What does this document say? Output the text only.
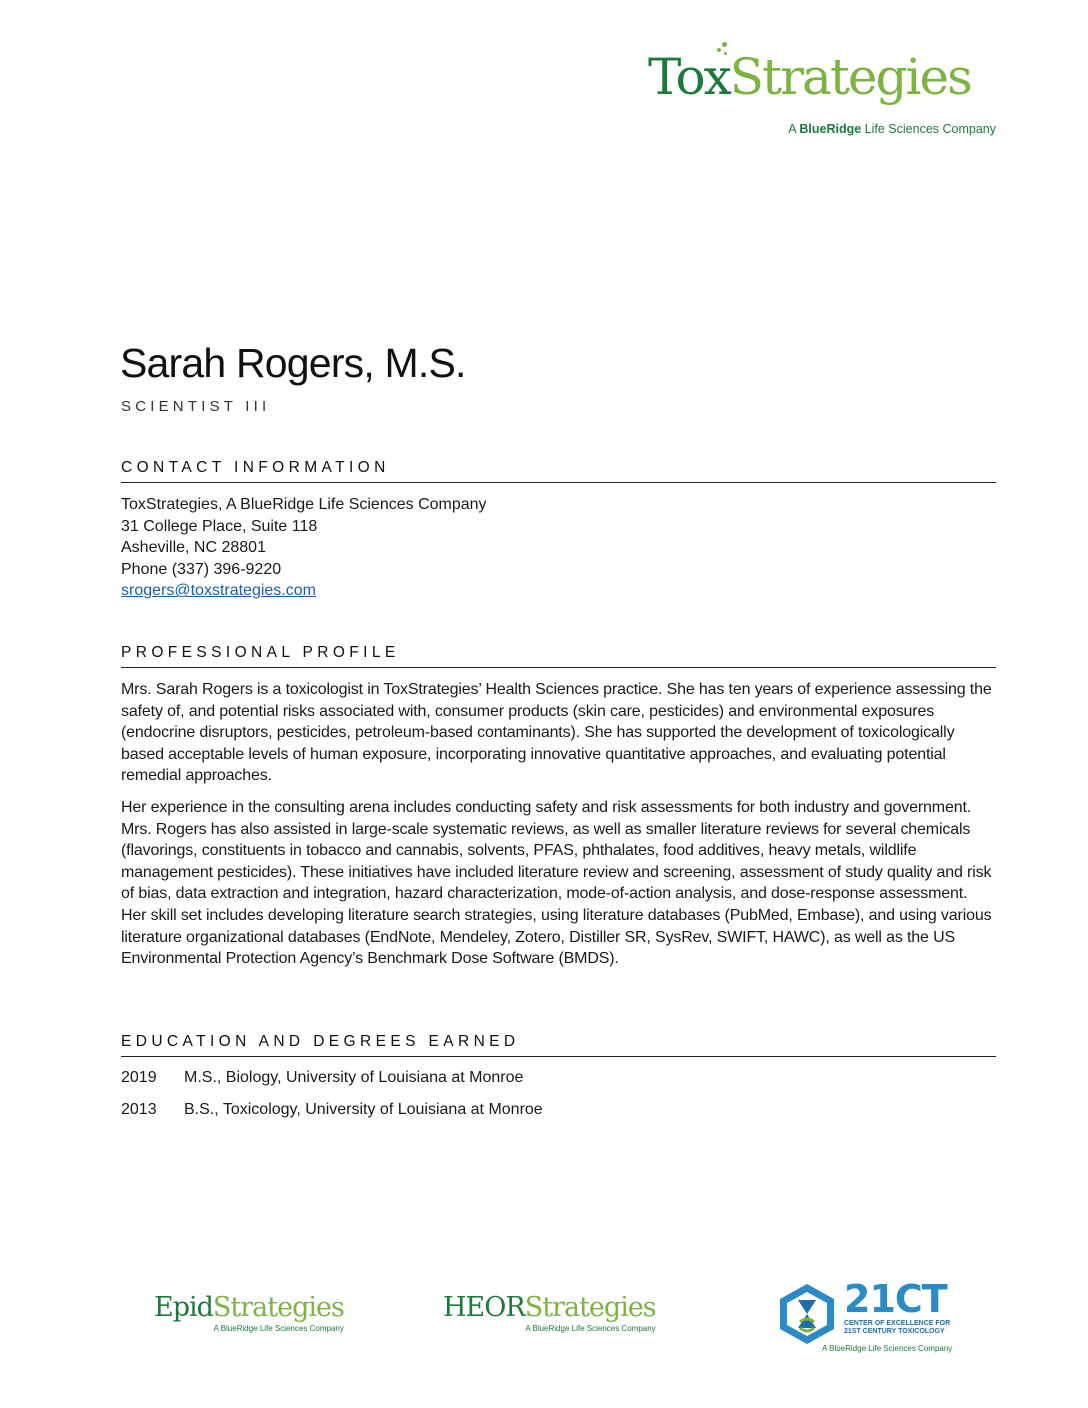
ToxStrategies
A BlueRidge Life Sciences Company
Sarah Rogers, M.S.
SCIENTIST III
CONTACT INFORMATION
ToxStrategies, A BlueRidge Life Sciences Company
31 College Place, Suite 118
Asheville, NC 28801
Phone (337) 396-9220
srogers@toxstrategies.com
PROFESSIONAL PROFILE
Mrs. Sarah Rogers is a toxicologist in ToxStrategies’ Health Sciences practice. She has ten years of experience assessing the safety of, and potential risks associated with, consumer products (skin care, pesticides) and environmental exposures (endocrine disruptors, pesticides, petroleum-based contaminants). She has supported the development of toxicologically based acceptable levels of human exposure, incorporating innovative quantitative approaches, and evaluating potential remedial approaches.
Her experience in the consulting arena includes conducting safety and risk assessments for both industry and government. Mrs. Rogers has also assisted in large-scale systematic reviews, as well as smaller literature reviews for several chemicals (flavorings, constituents in tobacco and cannabis, solvents, PFAS, phthalates, food additives, heavy metals, wildlife management pesticides). These initiatives have included literature review and screening, assessment of study quality and risk of bias, data extraction and integration, hazard characterization, mode-of-action analysis, and dose-response assessment. Her skill set includes developing literature search strategies, using literature databases (PubMed, Embase), and using various literature organizational databases (EndNote, Mendeley, Zotero, Distiller SR, SysRev, SWIFT, HAWC), as well as the US Environmental Protection Agency’s Benchmark Dose Software (BMDS).
EDUCATION AND DEGREES EARNED
2019 M.S., Biology, University of Louisiana at Monroe
2013 B.S., Toxicology, University of Louisiana at Monroe
EpidStrategies
A BlueRidge Life Sciences Company
HEORStrategies
A BlueRidge Life Sciences Company
21CT
CENTER OF EXCELLENCE FOR
21ST CENTURY TOXICOLOGY
A BlueRidge Life Sciences Company
